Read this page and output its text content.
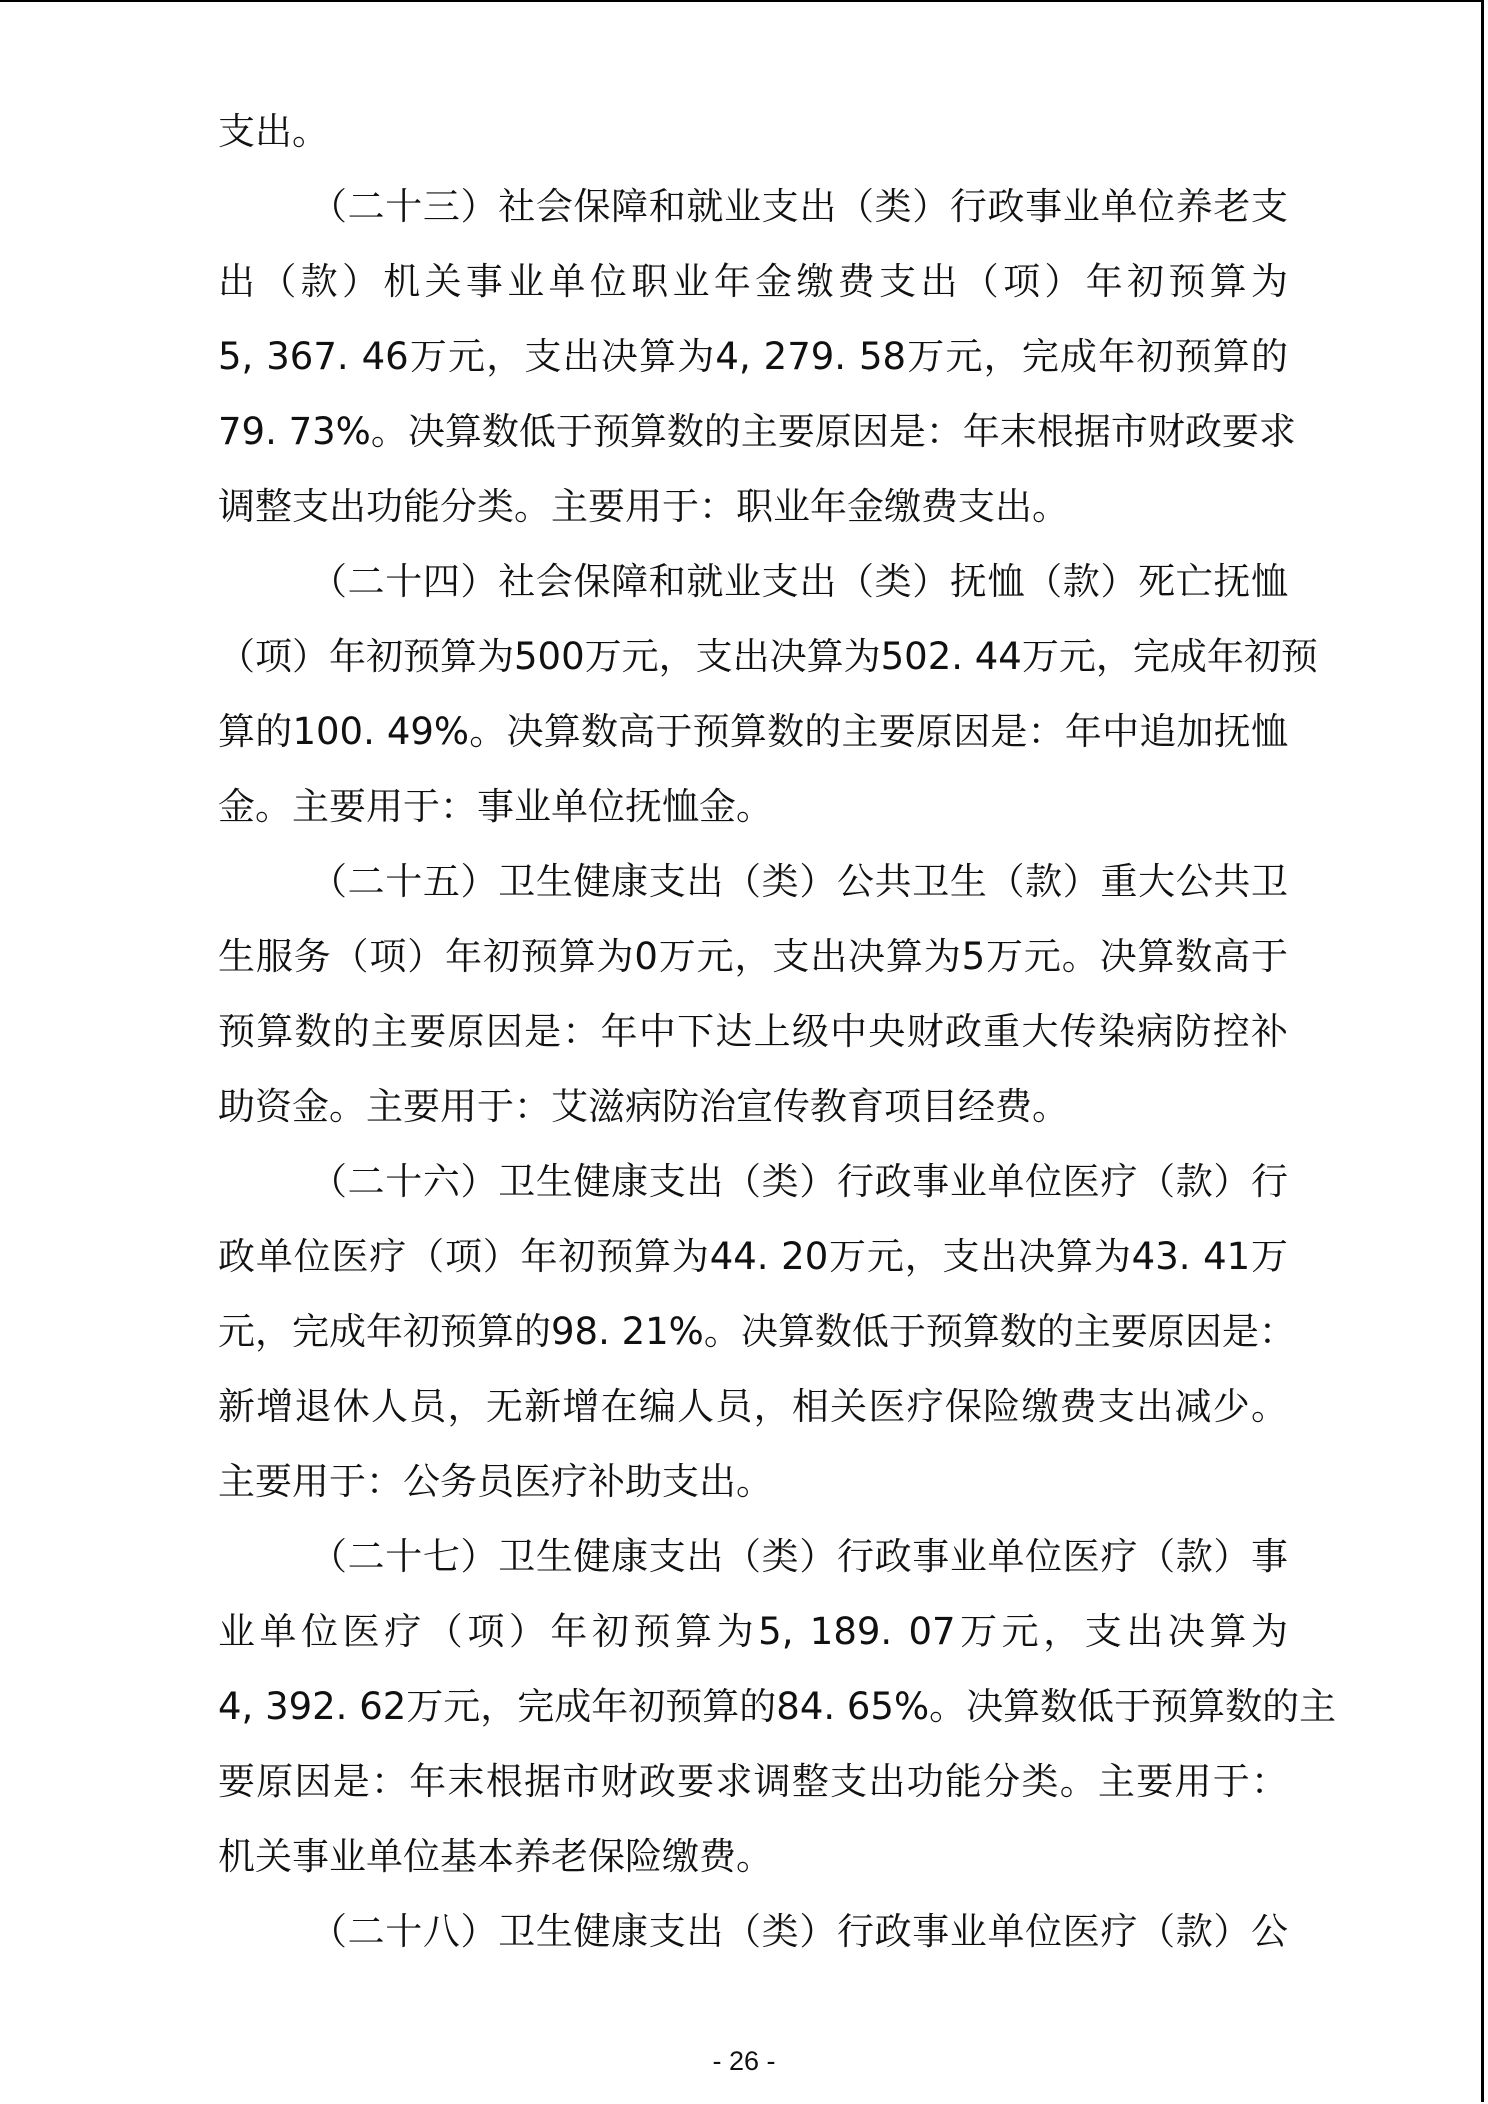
支出。
（二十三）社会保障和就业支出（类）行政事业单位养老支
出（款）机关事业单位职业年金缴费支出（项）年初预算为
5, 367. 46万元，支出决算为4, 279. 58万元，完成年初预算的
79. 73%。决算数低于预算数的主要原因是：年末根据市财政要求
调整支出功能分类。主要用于：职业年金缴费支出。
（二十四）社会保障和就业支出（类）抚恤（款）死亡抚恤
（项）年初预算为500万元，支出决算为502. 44万元，完成年初预
算的100. 49%。决算数高于预算数的主要原因是：年中追加抚恤
金。主要用于：事业单位抚恤金。
（二十五）卫生健康支出（类）公共卫生（款）重大公共卫
生服务（项）年初预算为0万元，支出决算为5万元。决算数高于
预算数的主要原因是：年中下达上级中央财政重大传染病防控补
助资金。主要用于：艾滋病防治宣传教育项目经费。
（二十六）卫生健康支出（类）行政事业单位医疗（款）行
政单位医疗（项）年初预算为44. 20万元，支出决算为43. 41万
元，完成年初预算的98. 21%。决算数低于预算数的主要原因是：
新增退休人员，无新增在编人员，相关医疗保险缴费支出减少。
主要用于：公务员医疗补助支出。
（二十七）卫生健康支出（类）行政事业单位医疗（款）事
业单位医疗（项）年初预算为5, 189. 07万元，支出决算为
4, 392. 62万元，完成年初预算的84. 65%。决算数低于预算数的主
要原因是：年末根据市财政要求调整支出功能分类。主要用于：
机关事业单位基本养老保险缴费。
（二十八）卫生健康支出（类）行政事业单位医疗（款）公
- 26 -
